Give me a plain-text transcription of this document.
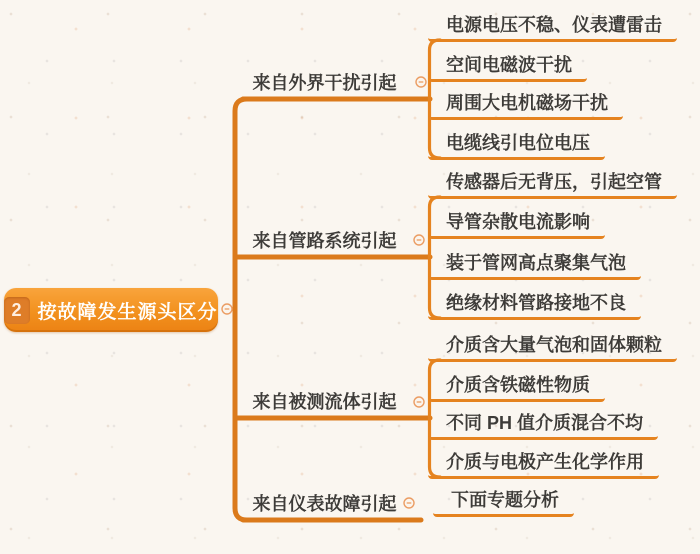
2 按故障发生源头区分
来自外界干扰引起
来自管路系统引起
来自被测流体引起
来自仪表故障引起
电源电压不稳、仪表遭雷击
空间电磁波干扰
周围大电机磁场干扰
电缆线引电位电压
传感器后无背压，引起空管
导管杂散电流影响
装于管网高点聚集气泡
绝缘材料管路接地不良
介质含大量气泡和固体颗粒
介质含铁磁性物质
不同 PH 值介质混合不均
介质与电极产生化学作用
下面专题分析
